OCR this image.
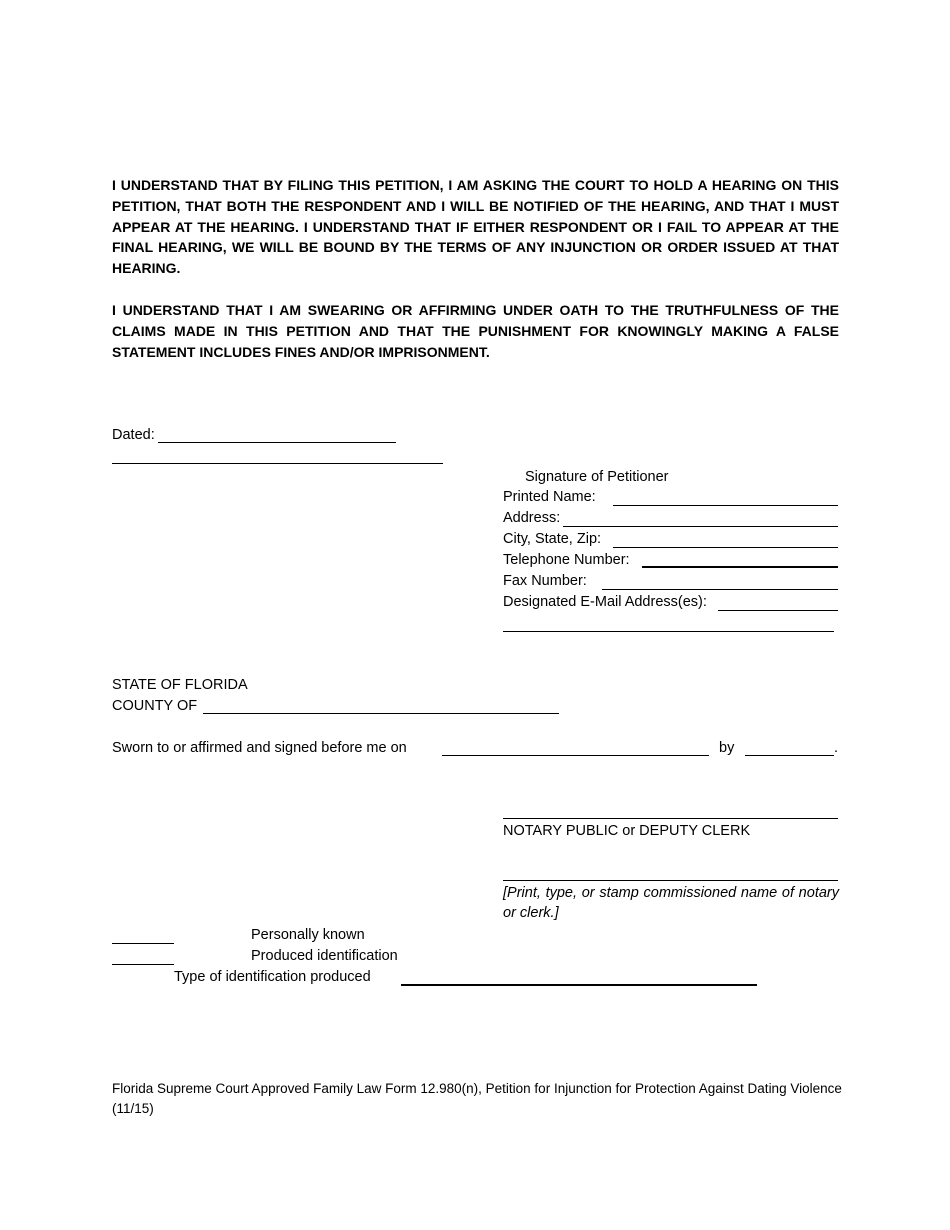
I UNDERSTAND THAT BY FILING THIS PETITION, I AM ASKING THE COURT TO HOLD A HEARING ON THIS PETITION, THAT BOTH THE RESPONDENT AND I WILL BE NOTIFIED OF THE HEARING, AND THAT I MUST APPEAR AT THE HEARING. I UNDERSTAND THAT IF EITHER RESPONDENT OR I FAIL TO APPEAR AT THE FINAL HEARING, WE WILL BE BOUND BY THE TERMS OF ANY INJUNCTION OR ORDER ISSUED AT THAT HEARING.
I UNDERSTAND THAT I AM SWEARING OR AFFIRMING UNDER OATH TO THE TRUTHFULNESS OF THE CLAIMS MADE IN THIS PETITION AND THAT THE PUNISHMENT FOR KNOWINGLY MAKING A FALSE STATEMENT INCLUDES FINES AND/OR IMPRISONMENT.
Dated:
Signature of Petitioner
Printed Name:
Address:
City, State, Zip:
Telephone Number:
Fax Number:
Designated E-Mail Address(es):
STATE OF FLORIDA
COUNTY OF
Sworn to or affirmed and signed before me on	by	.
NOTARY PUBLIC or DEPUTY CLERK
[Print, type, or stamp commissioned name of notary or clerk.]
Personally known
Produced identification
Type of identification produced
Florida Supreme Court Approved Family Law Form 12.980(n), Petition for Injunction for Protection Against Dating Violence (11/15)
